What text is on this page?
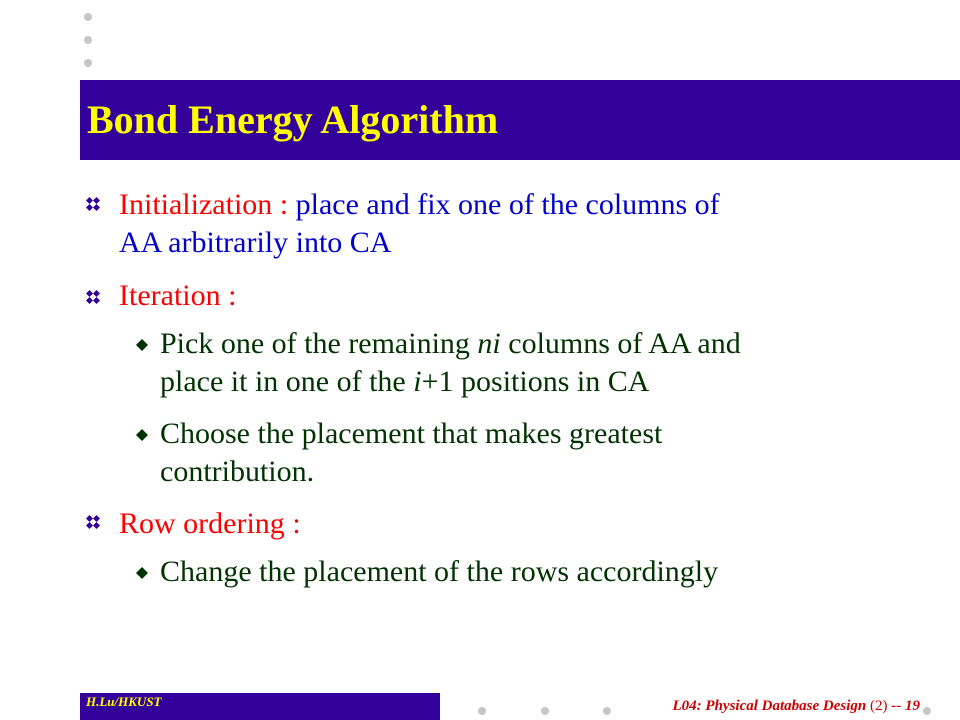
Bond Energy Algorithm
Initialization : place and fix one of the columns of
AA arbitrarily into CA
Iteration :
Pick one of the remaining ni columns of AA and
place it in one of the i+1 positions in CA
Choose the placement that makes greatest
contribution.
Row ordering :
Change the placement of the rows accordingly
H.Lu/HKUST	L04: Physical Database Design (2) -- 19
